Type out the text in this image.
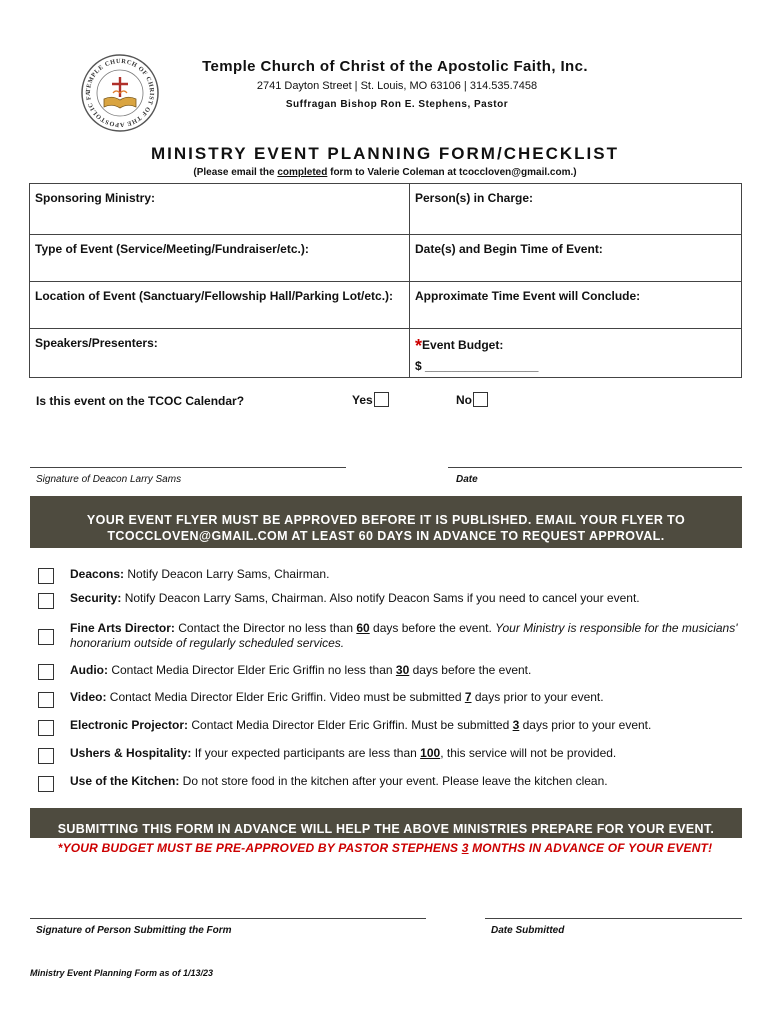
TEMPLE CHURCH OF CHRIST OF THE APOSTOLIC FA
Temple Church of Christ of the Apostolic Faith, Inc.
2741 Dayton Street | St. Louis, MO 63106 | 314.535.7458
Suffragan Bishop Ron E. Stephens, Pastor
MINISTRY EVENT PLANNING FORM/CHECKLIST
(Please email the completed form to Valerie Coleman at tcoccloven@gmail.com.)
Sponsoring Ministry:	Person(s) in Charge:
Type of Event (Service/Meeting/Fundraiser/etc.):	Date(s) and Begin Time of Event:
Location of Event (Sanctuary/Fellowship Hall/Parking Lot/etc.):	Approximate Time Event will Conclude:
Speakers/Presenters:	*Event Budget:
$ _________________
Is this event on the TCOC Calendar?	Yes	No
Signature of Deacon Larry Sams	Date
YOUR EVENT FLYER MUST BE APPROVED BEFORE IT IS PUBLISHED. EMAIL YOUR FLYER TO
TCOCCLOVEN@GMAIL.COM AT LEAST 60 DAYS IN ADVANCE TO REQUEST APPROVAL.
Deacons: Notify Deacon Larry Sams, Chairman.
Security: Notify Deacon Larry Sams, Chairman. Also notify Deacon Sams if you need to cancel your event.
Fine Arts Director: Contact the Director no less than 60 days before the event. Your Ministry is responsible for the musicians' honorarium outside of regularly scheduled services.
Audio: Contact Media Director Elder Eric Griffin no less than 30 days before the event.
Video: Contact Media Director Elder Eric Griffin. Video must be submitted 7 days prior to your event.
Electronic Projector: Contact Media Director Elder Eric Griffin. Must be submitted 3 days prior to your event.
Ushers & Hospitality: If your expected participants are less than 100, this service will not be provided.
Use of the Kitchen: Do not store food in the kitchen after your event. Please leave the kitchen clean.
SUBMITTING THIS FORM IN ADVANCE WILL HELP THE ABOVE MINISTRIES PREPARE FOR YOUR EVENT.
*YOUR BUDGET MUST BE PRE-APPROVED BY PASTOR STEPHENS 3 MONTHS IN ADVANCE OF YOUR EVENT!
Signature of Person Submitting the Form	Date Submitted
Ministry Event Planning Form as of 1/13/23
